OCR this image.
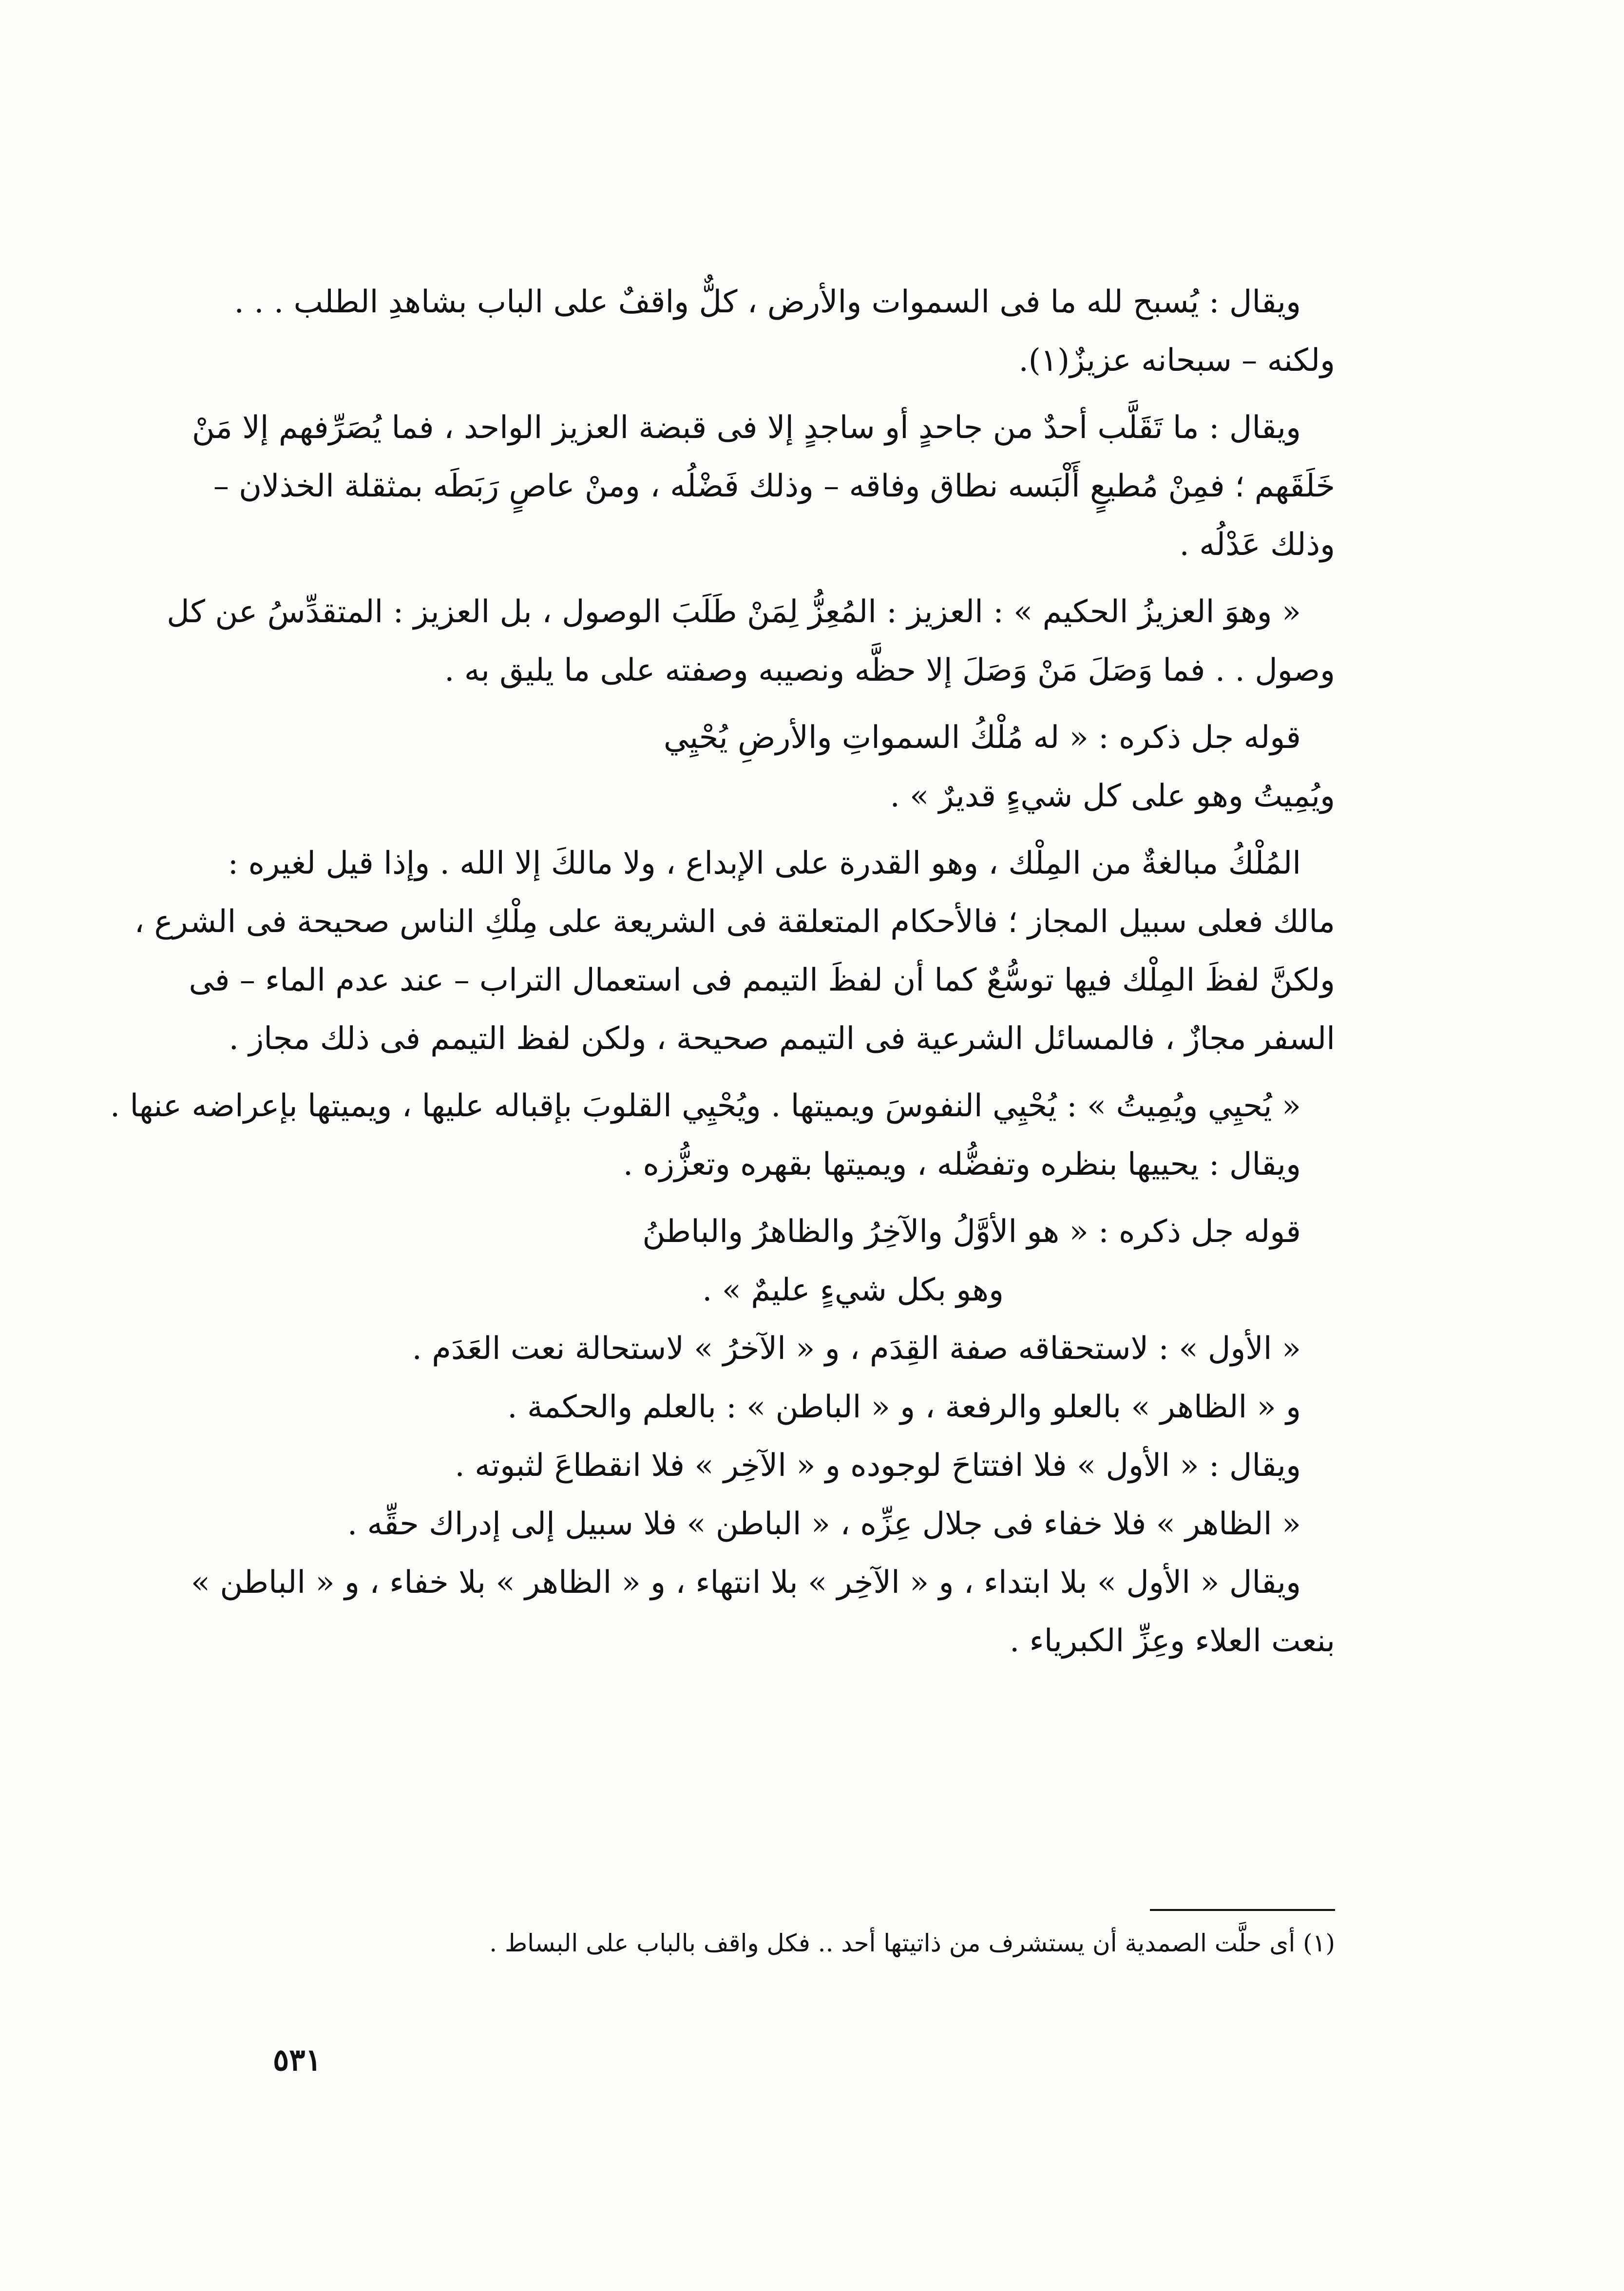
ويقال : يُسبح لله ما فى السموات والأرض ، كلٌّ واقفٌ على الباب بشاهدِ الطلب . . .
ولكنه – سبحانه عزيزٌ(١).
ويقال : ما تَقَلَّب أحدٌ من جاحدٍ أو ساجدٍ إلا فى قبضة العزيز الواحد ، فما يُصَرِّفهم إلا مَنْ
خَلَقَهم ؛ فمِنْ مُطيعٍ أَلْبَسه نطاق وفاقه – وذلك فَضْلُه ، ومنْ عاصٍ رَبَطَه بمثقلة الخذلان –
وذلك عَدْلُه .
« وهوَ العزيزُ الحكيم » : العزيز : المُعِزُّ لِمَنْ طَلَبَ الوصول ، بل العزيز : المتقدِّسُ عن كل
وصول . . فما وَصَلَ مَنْ وَصَلَ إلا حظَّه ونصيبه وصفته على ما يليق به .
قوله جل ذكره : « له مُلْكُ السمواتِ والأرضِ يُحْيِي
ويُمِيتُ وهو على كل شيءٍ قديرٌ » .
المُلْكُ مبالغةٌ من المِلْك ، وهو القدرة على الإبداع ، ولا مالكَ إلا الله . وإذا قيل لغيره :
مالك فعلى سبيل المجاز ؛ فالأحكام المتعلقة فى الشريعة على مِلْكِ الناس صحيحة فى الشرع ،
ولكنَّ لفظَ المِلْك فيها توسُّعٌ كما أن لفظَ التيمم فى استعمال التراب – عند عدم الماء – فى
السفر مجازٌ ، فالمسائل الشرعية فى التيمم صحيحة ، ولكن لفظ التيمم فى ذلك مجاز .
« يُحيِي ويُمِيتُ » : يُحْيِي النفوسَ ويميتها . ويُحْيِي القلوبَ بإقباله عليها ، ويميتها بإعراضه عنها .
ويقال : يحييها بنظره وتفضُّله ، ويميتها بقهره وتعزُّزه .
قوله جل ذكره : « هو الأوَّلُ والآخِرُ والظاهرُ والباطنُ
وهو بكل شيءٍ عليمٌ » .
« الأول » : لاستحقاقه صفة القِدَم ، و « الآخرُ » لاستحالة نعت العَدَم .
و « الظاهر » بالعلو والرفعة ، و « الباطن » : بالعلم والحكمة .
ويقال : « الأول » فلا افتتاحَ لوجوده و « الآخِر » فلا انقطاعَ لثبوته .
« الظاهر » فلا خفاء فى جلال عِزِّه ، « الباطن » فلا سبيل إلى إدراك حقِّه .
ويقال « الأول » بلا ابتداء ، و « الآخِر » بلا انتهاء ، و « الظاهر » بلا خفاء ، و « الباطن »
بنعت العلاء وعِزِّ الكبرياء .
(١) أى حلَّت الصمدية أن يستشرف من ذاتيتها أحد .. فكل واقف بالباب على البساط .
٥٣١
